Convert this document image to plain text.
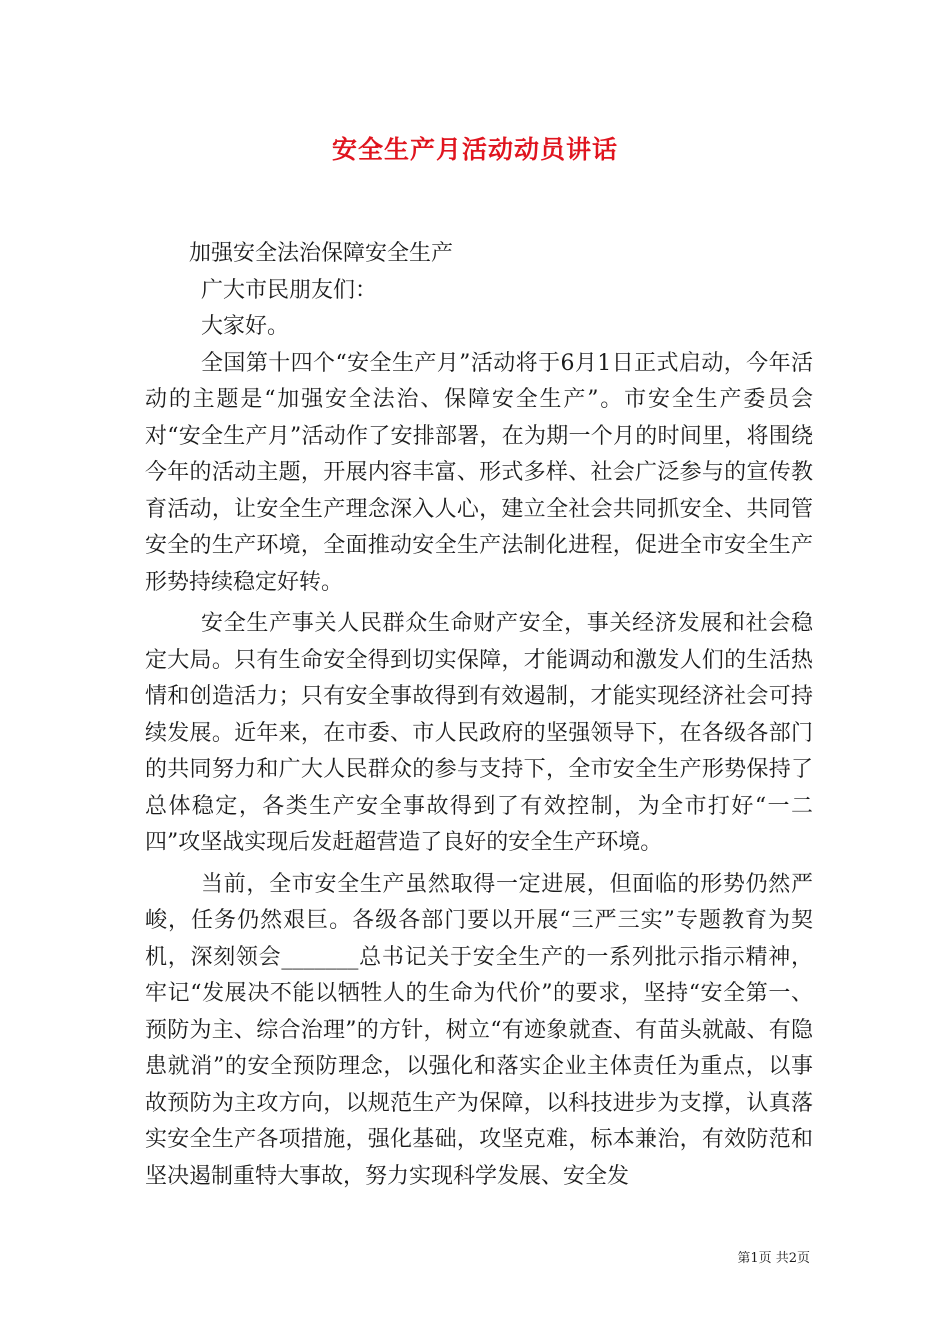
安全生产月活动动员讲话
加强安全法治保障安全生产
广大市民朋友们：
大家好。

全国第十四个“安全生产月”活动将于6月1日正式启动，今年活动的主题是“加强安全法治、保障安全生产”。市安全生产委员会对“安全生产月”活动作了安排部署，在为期一个月的时间里，将围绕今年的活动主题，开展内容丰富、形式多样、社会广泛参与的宣传教育活动，让安全生产理念深入人心，建立全社会共同抓安全、共同管安全的生产环境，全面推动安全生产法制化进程，促进全市安全生产形势持续稳定好转。

安全生产事关人民群众生命财产安全，事关经济发展和社会稳定大局。只有生命安全得到切实保障，才能调动和激发人们的生活热情和创造活力；只有安全事故得到有效遏制，才能实现经济社会可持续发展。近年来，在市委、市人民政府的坚强领导下，在各级各部门的共同努力和广大人民群众的参与支持下，全市安全生产形势保持了总体稳定，各类生产安全事故得到了有效控制，为全市打好“一二四”攻坚战实现后发赶超营造了良好的安全生产环境。

当前，全市安全生产虽然取得一定进展，但面临的形势仍然严峻，任务仍然艰巨。各级各部门要以开展“三严三实”专题教育为契机，深刻领会_______总书记关于安全生产的一系列批示指示精神，牢记“发展决不能以牺牲人的生命为代价”的要求，坚持“安全第一、预防为主、综合治理”的方针，树立“有迹象就查、有苗头就敲、有隐患就消”的安全预防理念，以强化和落实企业主体责任为重点，以事故预防为主攻方向，以规范生产为保障，以科技进步为支撑，认真落实安全生产各项措施，强化基础，攻坚克难，标本兼治，有效防范和坚决遏制重特大事故，努力实现科学发展、安全发

第1页 共2页
